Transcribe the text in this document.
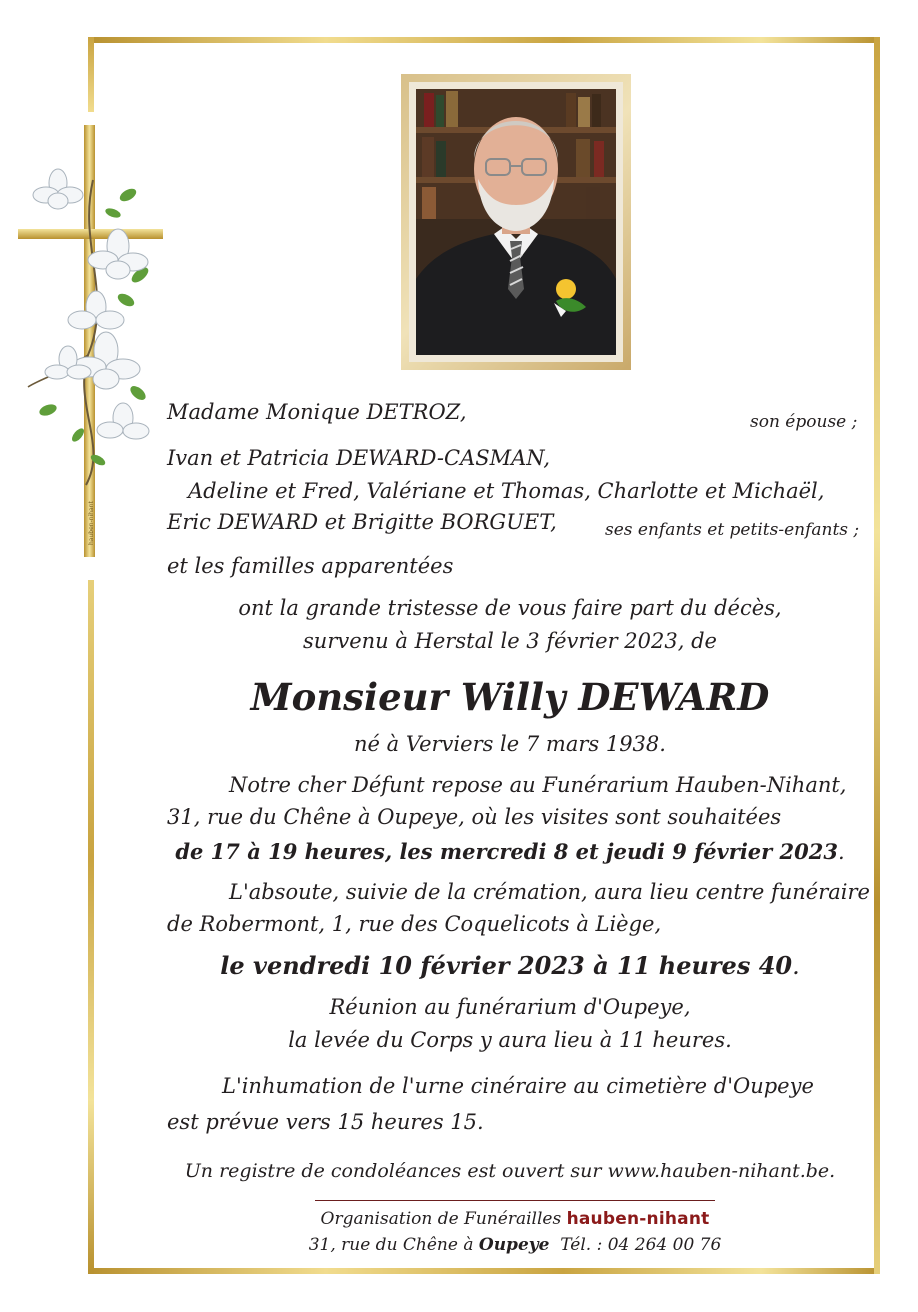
hauben-nihant
Madame Monique DETROZ,	son épouse ;
Ivan et Patricia DEWARD-CASMAN,
Adeline et Fred, Valériane et Thomas, Charlotte et Michaël,
Eric DEWARD et Brigitte BORGUET,	ses enfants et petits-enfants ;
et les familles apparentées
ont la grande tristesse de vous faire part du décès,
survenu à Herstal le 3 février 2023, de
Monsieur Willy DEWARD
né à Verviers le 7 mars 1938.
Notre cher Défunt repose au Funérarium Hauben-Nihant,
31, rue du Chêne à Oupeye, où les visites sont souhaitées
de 17 à 19 heures, les mercredi 8 et jeudi 9 février 2023.
L'absoute, suivie de la crémation, aura lieu centre funéraire
de Robermont, 1, rue des Coquelicots à Liège,
le vendredi 10 février 2023 à 11 heures 40.
Réunion au funérarium d'Oupeye,
la levée du Corps y aura lieu à 11 heures.
L'inhumation de l'urne cinéraire au cimetière d'Oupeye
est prévue vers 15 heures 15.
Un registre de condoléances est ouvert sur www.hauben-nihant.be.
Organisation de Funérailles hauben-nihant
31, rue du Chêne à Oupeye Tél. : 04 264 00 76
